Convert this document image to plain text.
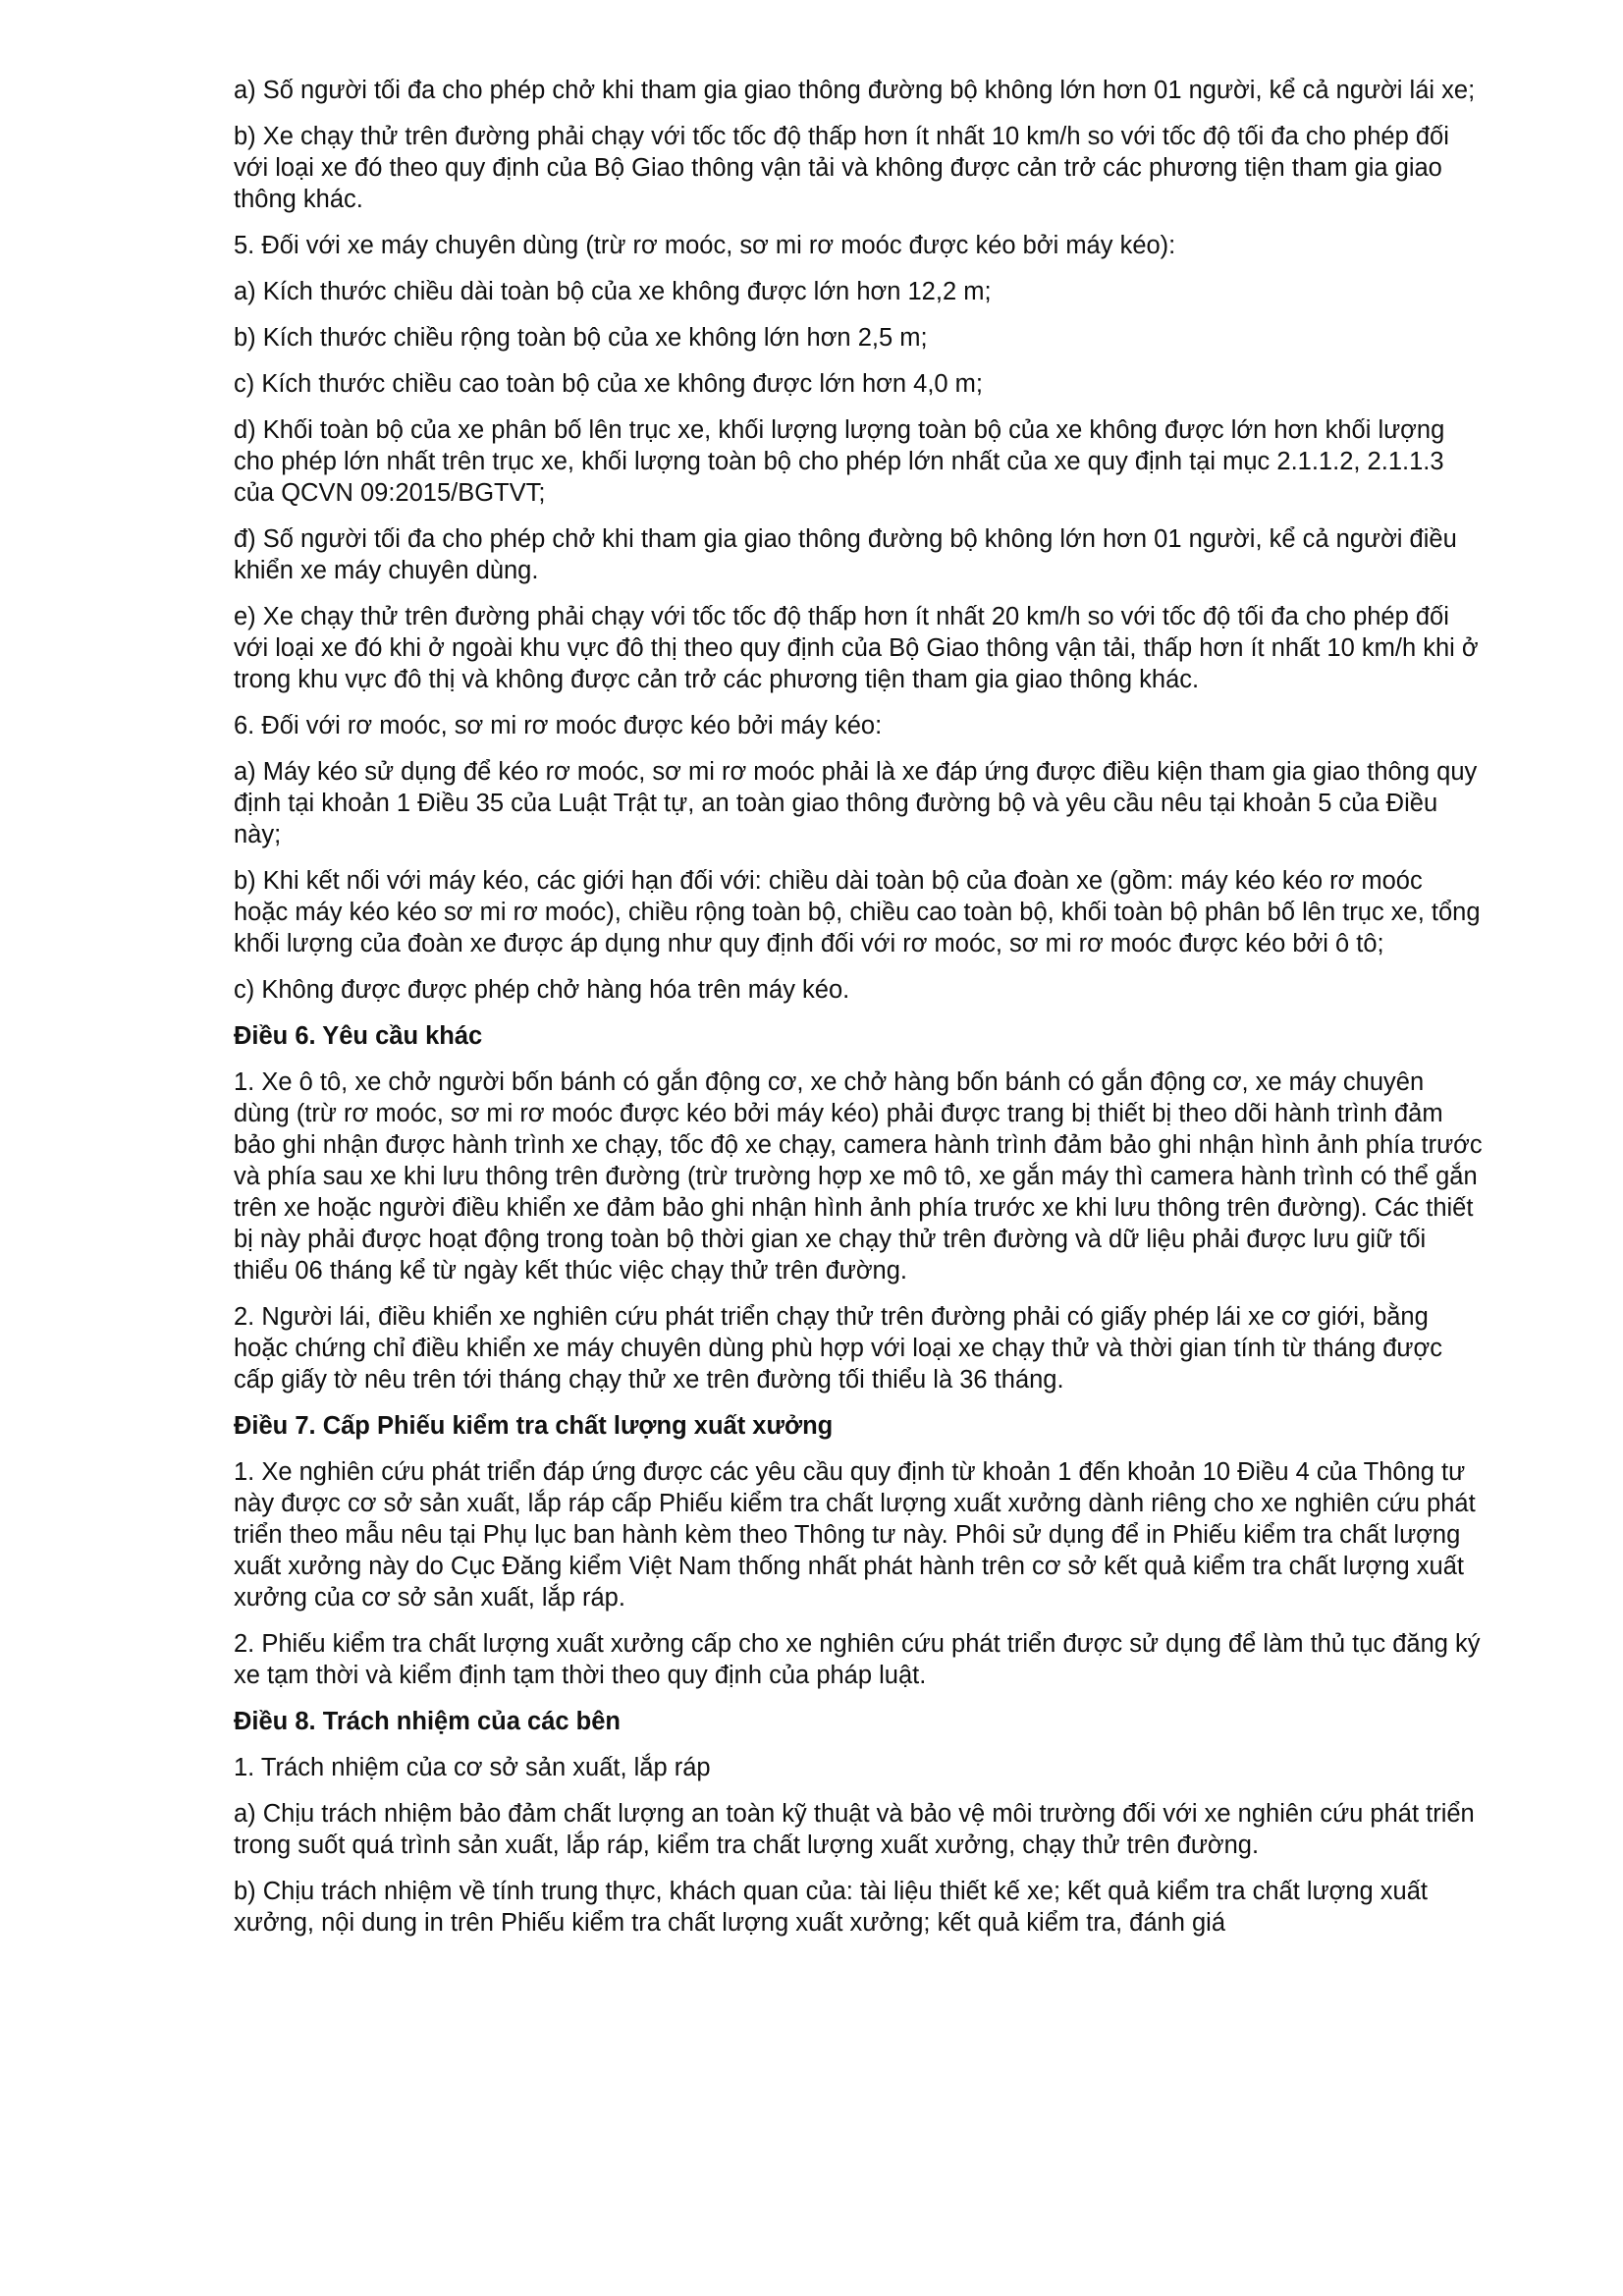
a) Số người tối đa cho phép chở khi tham gia giao thông đường bộ không lớn hơn 01 người, kể cả người lái xe;

b) Xe chạy thử trên đường phải chạy với tốc tốc độ thấp hơn ít nhất 10 km/h so với tốc độ tối đa cho phép đối với loại xe đó theo quy định của Bộ Giao thông vận tải và không được cản trở các phương tiện tham gia giao thông khác.

5. Đối với xe máy chuyên dùng (trừ rơ moóc, sơ mi rơ moóc được kéo bởi máy kéo):

a) Kích thước chiều dài toàn bộ của xe không được lớn hơn 12,2 m;

b) Kích thước chiều rộng toàn bộ của xe không lớn hơn 2,5 m;

c) Kích thước chiều cao toàn bộ của xe không được lớn hơn 4,0 m;

d) Khối toàn bộ của xe phân bố lên trục xe, khối lượng lượng toàn bộ của xe không được lớn hơn khối lượng cho phép lớn nhất trên trục xe, khối lượng toàn bộ cho phép lớn nhất của xe quy định tại mục 2.1.1.2, 2.1.1.3 của QCVN 09:2015/BGTVT;

đ) Số người tối đa cho phép chở khi tham gia giao thông đường bộ không lớn hơn 01 người, kể cả người điều khiển xe máy chuyên dùng.

e) Xe chạy thử trên đường phải chạy với tốc tốc độ thấp hơn ít nhất 20 km/h so với tốc độ tối đa cho phép đối với loại xe đó khi ở ngoài khu vực đô thị theo quy định của Bộ Giao thông vận tải, thấp hơn ít nhất 10 km/h khi ở trong khu vực đô thị và không được cản trở các phương tiện tham gia giao thông khác.

6. Đối với rơ moóc, sơ mi rơ moóc được kéo bởi máy kéo:

a) Máy kéo sử dụng để kéo rơ moóc, sơ mi rơ moóc phải là xe đáp ứng được điều kiện tham gia giao thông quy định tại khoản 1 Điều 35 của Luật Trật tự, an toàn giao thông đường bộ và yêu cầu nêu tại khoản 5 của Điều này;

b) Khi kết nối với máy kéo, các giới hạn đối với: chiều dài toàn bộ của đoàn xe (gồm: máy kéo kéo rơ moóc hoặc máy kéo kéo sơ mi rơ moóc), chiều rộng toàn bộ, chiều cao toàn bộ, khối toàn bộ phân bố lên trục xe, tổng khối lượng của đoàn xe được áp dụng như quy định đối với rơ moóc, sơ mi rơ moóc được kéo bởi ô tô;

c) Không được được phép chở hàng hóa trên máy kéo.

Điều 6. Yêu cầu khác

1. Xe ô tô, xe chở người bốn bánh có gắn động cơ, xe chở hàng bốn bánh có gắn động cơ, xe máy chuyên dùng (trừ rơ moóc, sơ mi rơ moóc được kéo bởi máy kéo) phải được trang bị thiết bị theo dõi hành trình đảm bảo ghi nhận được hành trình xe chạy, tốc độ xe chạy, camera hành trình đảm bảo ghi nhận hình ảnh phía trước và phía sau xe khi lưu thông trên đường (trừ trường hợp xe mô tô, xe gắn máy thì camera hành trình có thể gắn trên xe hoặc người điều khiển xe đảm bảo ghi nhận hình ảnh phía trước xe khi lưu thông trên đường). Các thiết bị này phải được hoạt động trong toàn bộ thời gian xe chạy thử trên đường và dữ liệu phải được lưu giữ tối thiểu 06 tháng kể từ ngày kết thúc việc chạy thử trên đường.

2. Người lái, điều khiển xe nghiên cứu phát triển chạy thử trên đường phải có giấy phép lái xe cơ giới, bằng hoặc chứng chỉ điều khiển xe máy chuyên dùng phù hợp với loại xe chạy thử và thời gian tính từ tháng được cấp giấy tờ nêu trên tới tháng chạy thử xe trên đường tối thiểu là 36 tháng.

Điều 7. Cấp Phiếu kiểm tra chất lượng xuất xưởng

1. Xe nghiên cứu phát triển đáp ứng được các yêu cầu quy định từ khoản 1 đến khoản 10 Điều 4 của Thông tư này được cơ sở sản xuất, lắp ráp cấp Phiếu kiểm tra chất lượng xuất xưởng dành riêng cho xe nghiên cứu phát triển theo mẫu nêu tại Phụ lục ban hành kèm theo Thông tư này. Phôi sử dụng để in Phiếu kiểm tra chất lượng xuất xưởng này do Cục Đăng kiểm Việt Nam thống nhất phát hành trên cơ sở kết quả kiểm tra chất lượng xuất xưởng của cơ sở sản xuất, lắp ráp.

2. Phiếu kiểm tra chất lượng xuất xưởng cấp cho xe nghiên cứu phát triển được sử dụng để làm thủ tục đăng ký xe tạm thời và kiểm định tạm thời theo quy định của pháp luật.

Điều 8. Trách nhiệm của các bên

1. Trách nhiệm của cơ sở sản xuất, lắp ráp

a) Chịu trách nhiệm bảo đảm chất lượng an toàn kỹ thuật và bảo vệ môi trường đối với xe nghiên cứu phát triển trong suốt quá trình sản xuất, lắp ráp, kiểm tra chất lượng xuất xưởng, chạy thử trên đường.

b) Chịu trách nhiệm về tính trung thực, khách quan của: tài liệu thiết kế xe; kết quả kiểm tra chất lượng xuất xưởng, nội dung in trên Phiếu kiểm tra chất lượng xuất xưởng; kết quả kiểm tra, đánh giá
